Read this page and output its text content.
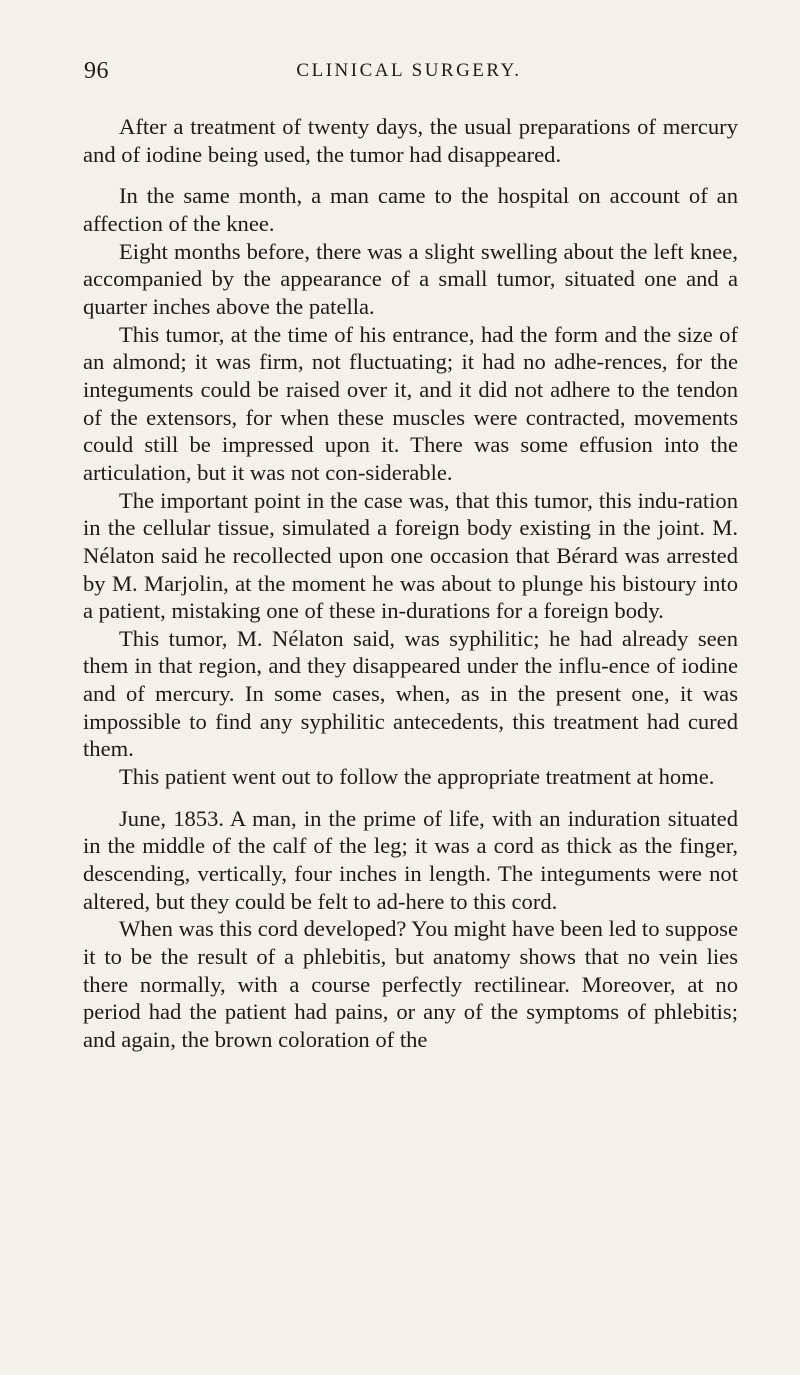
96	CLINICAL SURGERY.

After a treatment of twenty days, the usual preparations of mercury and of iodine being used, the tumor had disappeared.

In the same month, a man came to the hospital on account of an affection of the knee.

Eight months before, there was a slight swelling about the left knee, accompanied by the appearance of a small tumor, situated one and a quarter inches above the patella.

This tumor, at the time of his entrance, had the form and the size of an almond; it was firm, not fluctuating; it had no adhe-rences, for the integuments could be raised over it, and it did not adhere to the tendon of the extensors, for when these muscles were contracted, movements could still be impressed upon it. There was some effusion into the articulation, but it was not con-siderable.

The important point in the case was, that this tumor, this indu-ration in the cellular tissue, simulated a foreign body existing in the joint. M. Nélaton said he recollected upon one occasion that Bérard was arrested by M. Marjolin, at the moment he was about to plunge his bistoury into a patient, mistaking one of these in-durations for a foreign body.

This tumor, M. Nélaton said, was syphilitic; he had already seen them in that region, and they disappeared under the influ-ence of iodine and of mercury. In some cases, when, as in the present one, it was impossible to find any syphilitic antecedents, this treatment had cured them.

This patient went out to follow the appropriate treatment at home.

June, 1853. A man, in the prime of life, with an induration situated in the middle of the calf of the leg; it was a cord as thick as the finger, descending, vertically, four inches in length. The integuments were not altered, but they could be felt to ad-here to this cord.

When was this cord developed? You might have been led to suppose it to be the result of a phlebitis, but anatomy shows that no vein lies there normally, with a course perfectly rectilinear. Moreover, at no period had the patient had pains, or any of the symptoms of phlebitis; and again, the brown coloration of the
